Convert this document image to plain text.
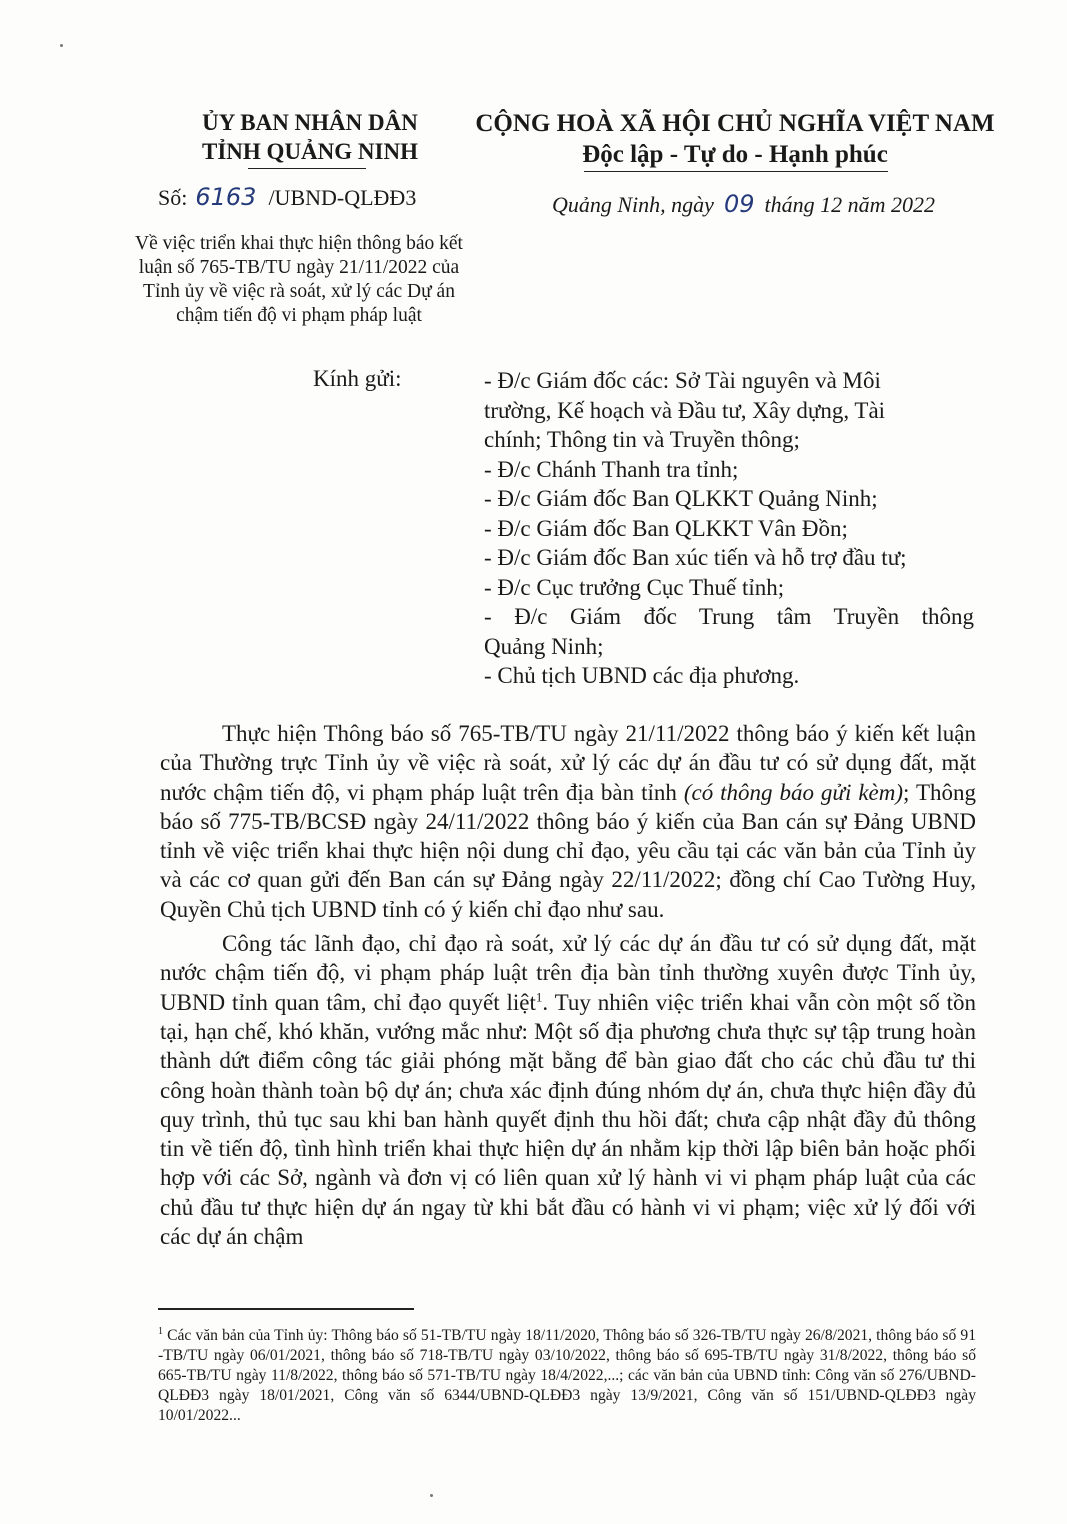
ỦY BAN NHÂN DÂN
TỈNH QUẢNG NINH
CỘNG HOÀ XÃ HỘI CHỦ NGHĨA VIỆT NAM
Độc lập - Tự do - Hạnh phúc
Số: 6163 /UBND-QLĐĐ3	Quảng Ninh, ngày 09 tháng 12 năm 2022
Về việc triển khai thực hiện thông báo kết
luận số 765-TB/TU ngày 21/11/2022 của
Tỉnh ủy về việc rà soát, xử lý các Dự án
chậm tiến độ vi phạm pháp luật
Kính gửi:	- Đ/c Giám đốc các: Sở Tài nguyên và Môi
trường, Kế hoạch và Đầu tư, Xây dựng, Tài
chính; Thông tin và Truyền thông;
- Đ/c Chánh Thanh tra tỉnh;
- Đ/c Giám đốc Ban QLKKT Quảng Ninh;
- Đ/c Giám đốc Ban QLKKT Vân Đồn;
- Đ/c Giám đốc Ban xúc tiến và hỗ trợ đầu tư;
- Đ/c Cục trưởng Cục Thuế tỉnh;
- Đ/c Giám đốc Trung tâm Truyền thông
Quảng Ninh;
- Chủ tịch UBND các địa phương.

Thực hiện Thông báo số 765-TB/TU ngày 21/11/2022 thông báo ý kiến kết luận của Thường trực Tỉnh ủy về việc rà soát, xử lý các dự án đầu tư có sử dụng đất, mặt nước chậm tiến độ, vi phạm pháp luật trên địa bàn tỉnh (có thông báo gửi kèm); Thông báo số 775-TB/BCSĐ ngày 24/11/2022 thông báo ý kiến của Ban cán sự Đảng UBND tỉnh về việc triển khai thực hiện nội dung chỉ đạo, yêu cầu tại các văn bản của Tỉnh ủy và các cơ quan gửi đến Ban cán sự Đảng ngày 22/11/2022; đồng chí Cao Tường Huy, Quyền Chủ tịch UBND tỉnh có ý kiến chỉ đạo như sau.

Công tác lãnh đạo, chỉ đạo rà soát, xử lý các dự án đầu tư có sử dụng đất, mặt nước chậm tiến độ, vi phạm pháp luật trên địa bàn tỉnh thường xuyên được Tỉnh ủy, UBND tỉnh quan tâm, chỉ đạo quyết liệt$^1$. Tuy nhiên việc triển khai vẫn còn một số tồn tại, hạn chế, khó khăn, vướng mắc như: Một số địa phương chưa thực sự tập trung hoàn thành dứt điểm công tác giải phóng mặt bằng để bàn giao đất cho các chủ đầu tư thi công hoàn thành toàn bộ dự án; chưa xác định đúng nhóm dự án, chưa thực hiện đầy đủ quy trình, thủ tục sau khi ban hành quyết định thu hồi đất; chưa cập nhật đầy đủ thông tin về tiến độ, tình hình triển khai thực hiện dự án nhằm kịp thời lập biên bản hoặc phối hợp với các Sở, ngành và đơn vị có liên quan xử lý hành vi vi phạm pháp luật của các chủ đầu tư thực hiện dự án ngay từ khi bắt đầu có hành vi vi phạm; việc xử lý đối với các dự án chậm

$^1$ Các văn bản của Tỉnh ủy: Thông báo số 51-TB/TU ngày 18/11/2020, Thông báo số 326-TB/TU ngày 26/8/2021, thông báo số 91 -TB/TU ngày 06/01/2021, thông báo số 718-TB/TU ngày 03/10/2022, thông báo số 695-TB/TU ngày 31/8/2022, thông báo số 665-TB/TU ngày 11/8/2022, thông báo số 571-TB/TU ngày 18/4/2022,...; các văn bản của UBND tỉnh: Công văn số 276/UBND-QLĐĐ3 ngày 18/01/2021, Công văn số 6344/UBND-QLĐĐ3 ngày 13/9/2021, Công văn số 151/UBND-QLĐĐ3 ngày 10/01/2022...
